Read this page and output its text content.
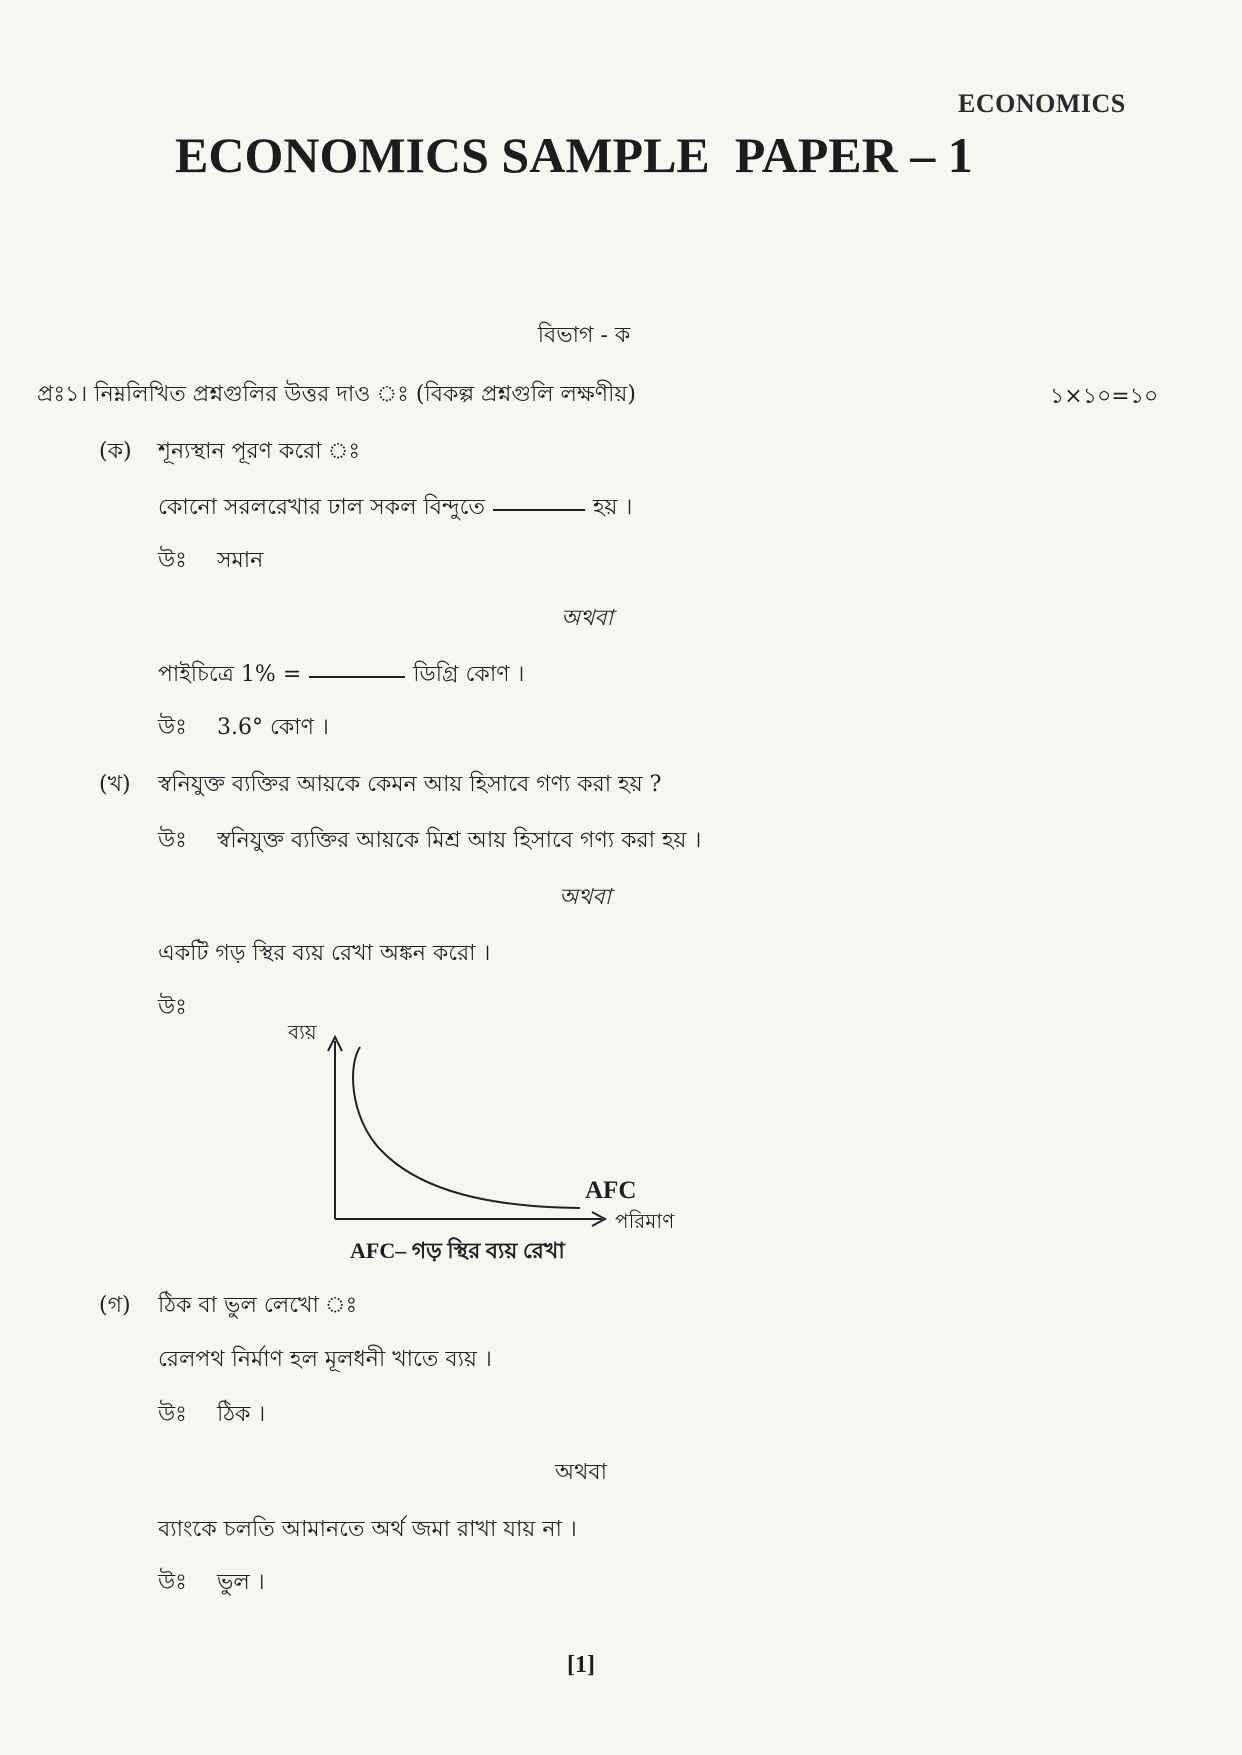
ECONOMICS
ECONOMICS SAMPLE  PAPER – 1
বিভাগ - ক
প্রঃ১। নিম্নলিখিত প্রশ্নগুলির উত্তর দাও ঃ (বিকল্প প্রশ্নগুলি লক্ষণীয়)	১×১০=১০
(ক) শূন্যস্থান পূরণ করো ঃ
কোনো সরলরেখার ঢাল সকল বিন্দুতে	হয় ।
উঃ সমান
অথবা
পাইচিত্রে 1% =	ডিগ্রি কোণ ।
উঃ 3.6° কোণ ।
(খ) স্বনিযুক্ত ব্যক্তির আয়কে কেমন আয় হিসাবে গণ্য করা হয় ?
উঃ স্বনিযুক্ত ব্যক্তির আয়কে মিশ্র আয় হিসাবে গণ্য করা হয় ।
অথবা
একটি গড় স্থির ব্যয় রেখা অঙ্কন করো ।
উঃ
ব্যয়
AFC
পরিমাণ
AFC– গড় স্থির ব্যয় রেখা
(গ) ঠিক বা ভুল লেখো ঃ
রেলপথ নির্মাণ হল মূলধনী খাতে ব্যয় ।
উঃ ঠিক ।
অথবা
ব্যাংকে চলতি আমানতে অর্থ জমা রাখা যায় না ।
উঃ ভুল ।
[1]
